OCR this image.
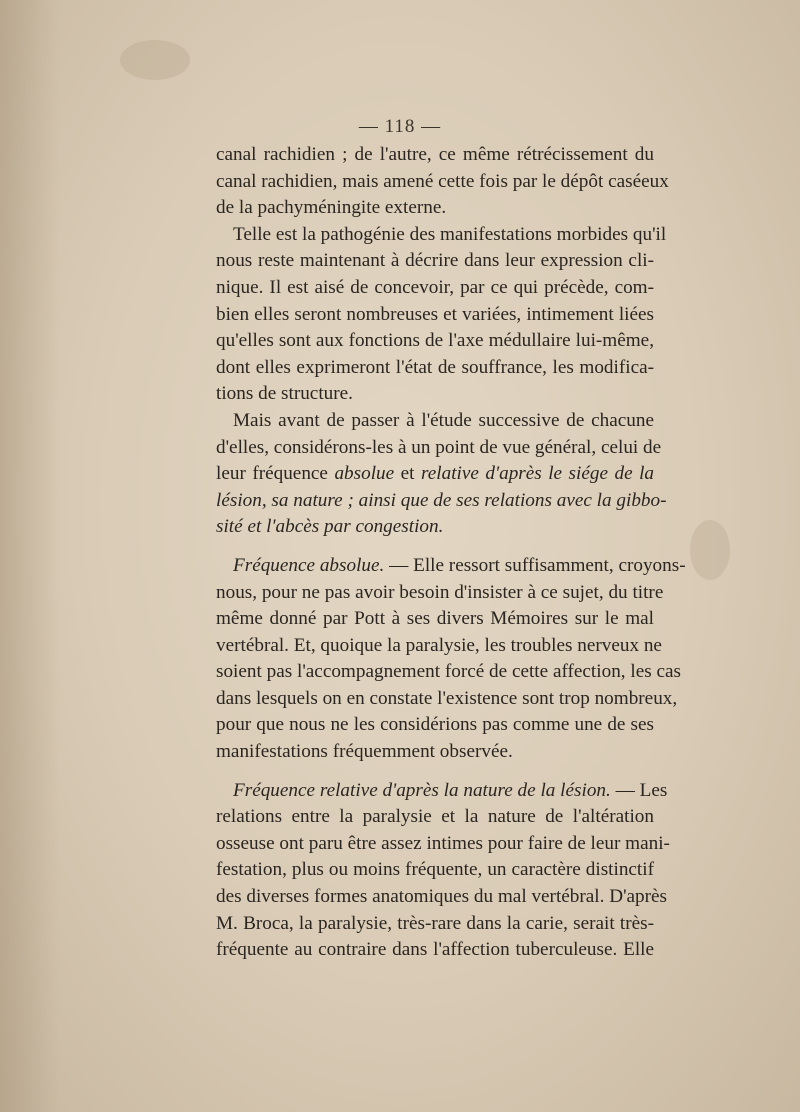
— 118 —
canal rachidien ; de l'autre, ce même rétrécissement du
canal rachidien, mais amené cette fois par le dépôt caséeux
de la pachyméningite externe.
Telle est la pathogénie des manifestations morbides qu'il
nous reste maintenant à décrire dans leur expression cli-
nique. Il est aisé de concevoir, par ce qui précède, com-
bien elles seront nombreuses et variées, intimement liées
qu'elles sont aux fonctions de l'axe médullaire lui-même,
dont elles exprimeront l'état de souffrance, les modifica-
tions de structure.
Mais avant de passer à l'étude successive de chacune
d'elles, considérons-les à un point de vue général, celui de
leur fréquence absolue et relative d'après le siége de la
lésion, sa nature ; ainsi que de ses relations avec la gibbo-
sité et l'abcès par congestion.
Fréquence absolue. — Elle ressort suffisamment, croyons-
nous, pour ne pas avoir besoin d'insister à ce sujet, du titre
même donné par Pott à ses divers Mémoires sur le mal
vertébral. Et, quoique la paralysie, les troubles nerveux ne
soient pas l'accompagnement forcé de cette affection, les cas
dans lesquels on en constate l'existence sont trop nombreux,
pour que nous ne les considérions pas comme une de ses
manifestations fréquemment observée.
Fréquence relative d'après la nature de la lésion. — Les
relations entre la paralysie et la nature de l'altération
osseuse ont paru être assez intimes pour faire de leur mani-
festation, plus ou moins fréquente, un caractère distinctif
des diverses formes anatomiques du mal vertébral. D'après
M. Broca, la paralysie, très-rare dans la carie, serait très-
fréquente au contraire dans l'affection tuberculeuse. Elle
